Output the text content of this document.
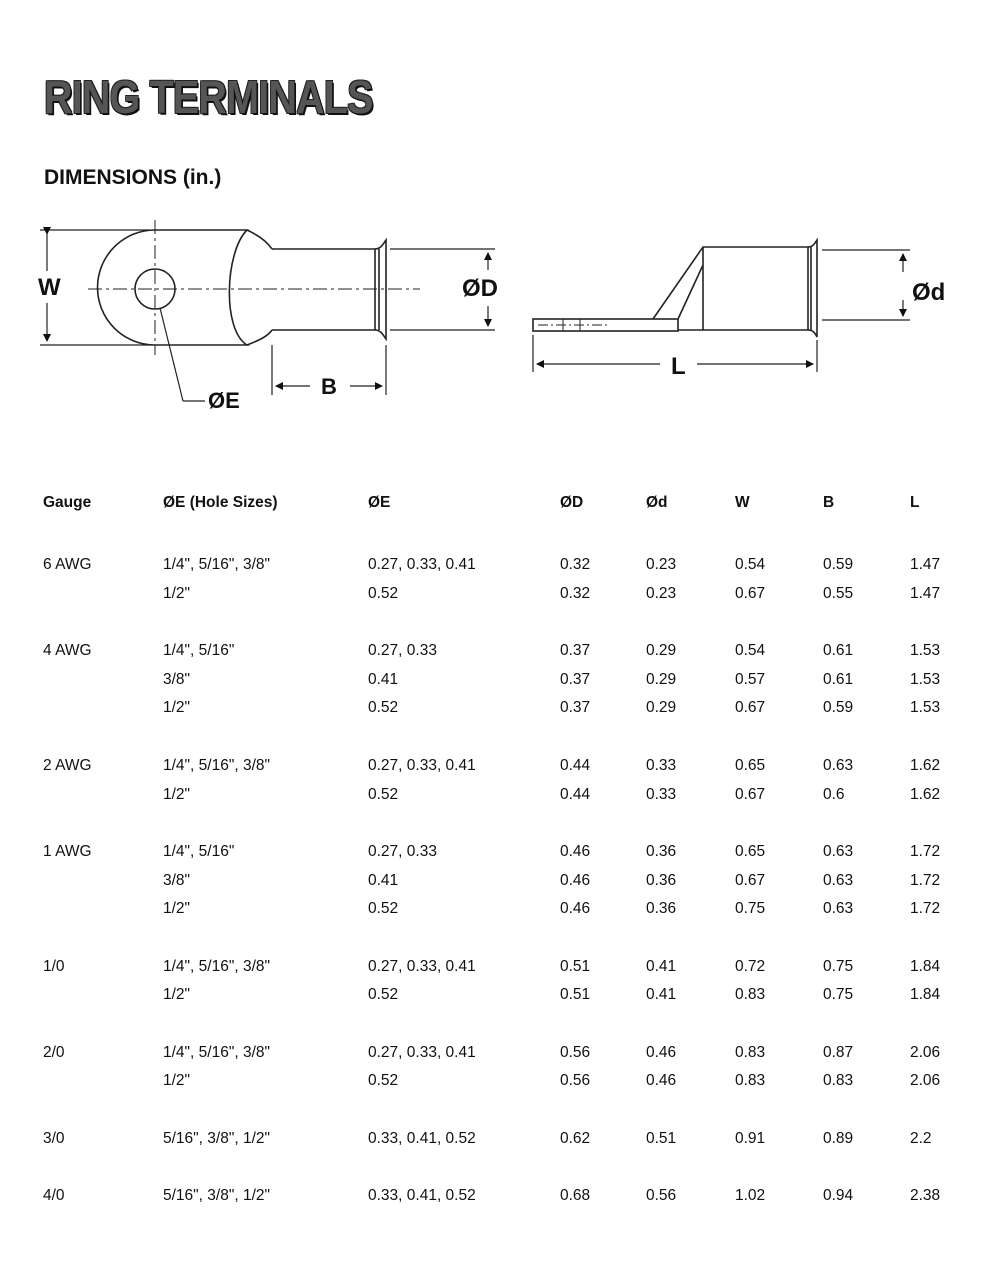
RING TERMINALS
DIMENSIONS (in.)
W
ØE
B
ØD	Ød
L
Gauge	ØE (Hole Sizes)	ØE	ØD	Ød	W	B	L

6 AWG	1/4", 5/16", 3/8"	0.27, 0.33, 0.41	0.32	0.23	0.54	0.59	1.47
	1/2"	0.52	0.32	0.23	0.67	0.55	1.47

4 AWG	1/4", 5/16"	0.27, 0.33	0.37	0.29	0.54	0.61	1.53
	3/8"	0.41	0.37	0.29	0.57	0.61	1.53
	1/2"	0.52	0.37	0.29	0.67	0.59	1.53

2 AWG	1/4", 5/16", 3/8"	0.27, 0.33, 0.41	0.44	0.33	0.65	0.63	1.62
	1/2"	0.52	0.44	0.33	0.67	0.6	1.62

1 AWG	1/4", 5/16"	0.27, 0.33	0.46	0.36	0.65	0.63	1.72
	3/8"	0.41	0.46	0.36	0.67	0.63	1.72
	1/2"	0.52	0.46	0.36	0.75	0.63	1.72

1/0	1/4", 5/16", 3/8"	0.27, 0.33, 0.41	0.51	0.41	0.72	0.75	1.84
	1/2"	0.52	0.51	0.41	0.83	0.75	1.84

2/0	1/4", 5/16", 3/8"	0.27, 0.33, 0.41	0.56	0.46	0.83	0.87	2.06
	1/2"	0.52	0.56	0.46	0.83	0.83	2.06

3/0	5/16", 3/8", 1/2"	0.33, 0.41, 0.52	0.62	0.51	0.91	0.89	2.2

4/0	5/16", 3/8", 1/2"	0.33, 0.41, 0.52	0.68	0.56	1.02	0.94	2.38
